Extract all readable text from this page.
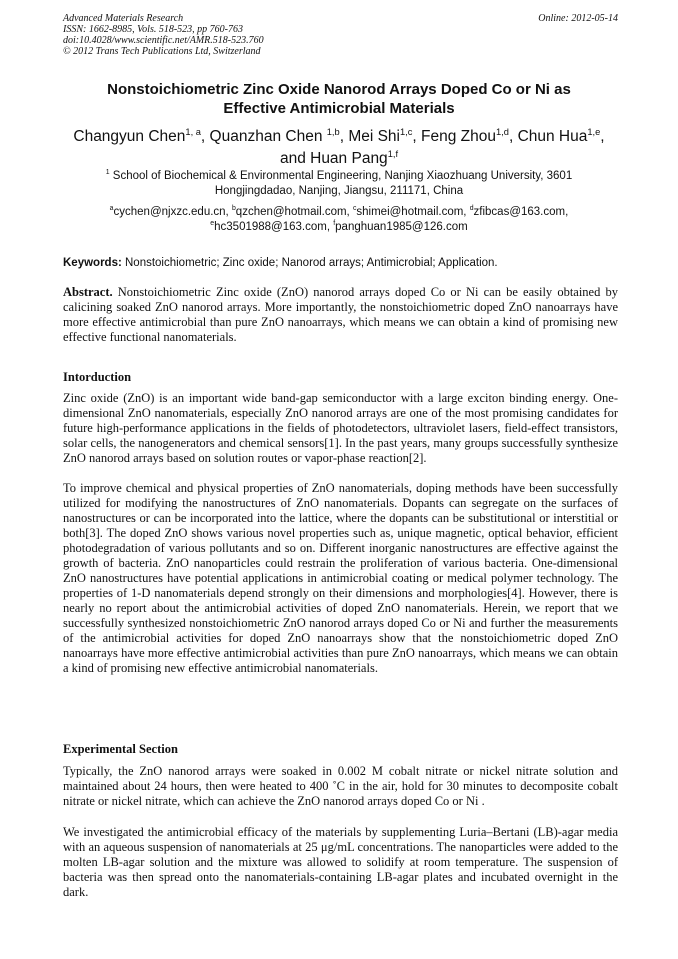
Advanced Materials Research
ISSN: 1662-8985, Vols. 518-523, pp 760-763
doi:10.4028/www.scientific.net/AMR.518-523.760
© 2012 Trans Tech Publications Ltd, Switzerland
Online: 2012-05-14
Nonstoichiometric Zinc Oxide Nanorod Arrays Doped Co or Ni as
Effective Antimicrobial Materials
Changyun Chen$^{1, a}$, Quanzhan Chen $^{1,b}$, Mei Shi$^{1,c}$, Feng Zhou$^{1,d}$, Chun Hua$^{1,e}$,
and Huan Pang$^{1,f}$
$^1$ School of Biochemical & Environmental Engineering, Nanjing Xiaozhuang University, 3601
Hongjingdadao, Nanjing, Jiangsu, 211171, China
$^a$cychen@njxzc.edu.cn, $^b$qzchen@hotmail.com, $^c$shimei@hotmail.com, $^d$zfibcas@163.com,
$^e$hc3501988@163.com, $^f$panghuan1985@126.com
Keywords: Nonstoichiometric; Zinc oxide; Nanorod arrays; Antimicrobial; Application.
Abstract. Nonstoichiometric Zinc oxide (ZnO) nanorod arrays doped Co or Ni can be easily obtained by calicining soaked ZnO nanorod arrays. More importantly, the nonstoichiometric doped ZnO nanoarrays have more effective antimicrobial than pure ZnO nanoarrays, which means we can obtain a kind of promising new effective functional nanomaterials.
Intorduction
Zinc oxide (ZnO) is an important wide band-gap semiconductor with a large exciton binding energy. One-dimensional ZnO nanomaterials, especially ZnO nanorod arrays are one of the most promising candidates for future high-performance applications in the fields of photodetectors, ultraviolet lasers, field-effect transistors, solar cells, the nanogenerators and chemical sensors[1]. In the past years, many groups successfully synthesize ZnO nanorod arrays based on solution routes or vapor-phase reaction[2].
To improve chemical and physical properties of ZnO nanomaterials, doping methods have been successfully utilized for modifying the nanostructures of ZnO nanomaterials. Dopants can segregate on the surfaces of nanostructures or can be incorporated into the lattice, where the dopants can be substitutional or interstitial or both[3]. The doped ZnO shows various novel properties such as, unique magnetic, optical behavior, efficient photodegradation of various pollutants and so on. Different inorganic nanostructures are effective against the growth of bacteria. ZnO nanoparticles could restrain the proliferation of various bacteria. One-dimensional ZnO nanostructures have potential applications in antimicrobial coating or medical polymer technology. The properties of 1-D nanomaterials depend strongly on their dimensions and morphologies[4]. However, there is nearly no report about the antimicrobial activities of doped ZnO nanomaterials. Herein, we report that we successfully synthesized nonstoichiometric ZnO nanorod arrays doped Co or Ni and further the measurements of the antimicrobial activities for doped ZnO nanoarrays show that the nonstoichiometric doped ZnO nanoarrays have more effective antimicrobial activities than pure ZnO nanoarrays, which means we can obtain a kind of promising new effective antimicrobial nanomaterials.
Experimental Section
Typically, the ZnO nanorod arrays were soaked in 0.002 M cobalt nitrate or nickel nitrate solution and maintained about 24 hours, then were heated to 400 ˚C in the air, hold for 30 minutes to decomposite cobalt nitrate or nickel nitrate, which can achieve the ZnO nanorod arrays doped Co or Ni .
We investigated the antimicrobial efficacy of the materials by supplementing Luria–Bertani (LB)-agar media with an aqueous suspension of nanomaterials at 25 μg/mL concentrations. The nanoparticles were added to the molten LB-agar solution and the mixture was allowed to solidify at room temperature. The suspension of bacteria was then spread onto the nanomaterials-containing LB-agar plates and incubated overnight in the dark.
